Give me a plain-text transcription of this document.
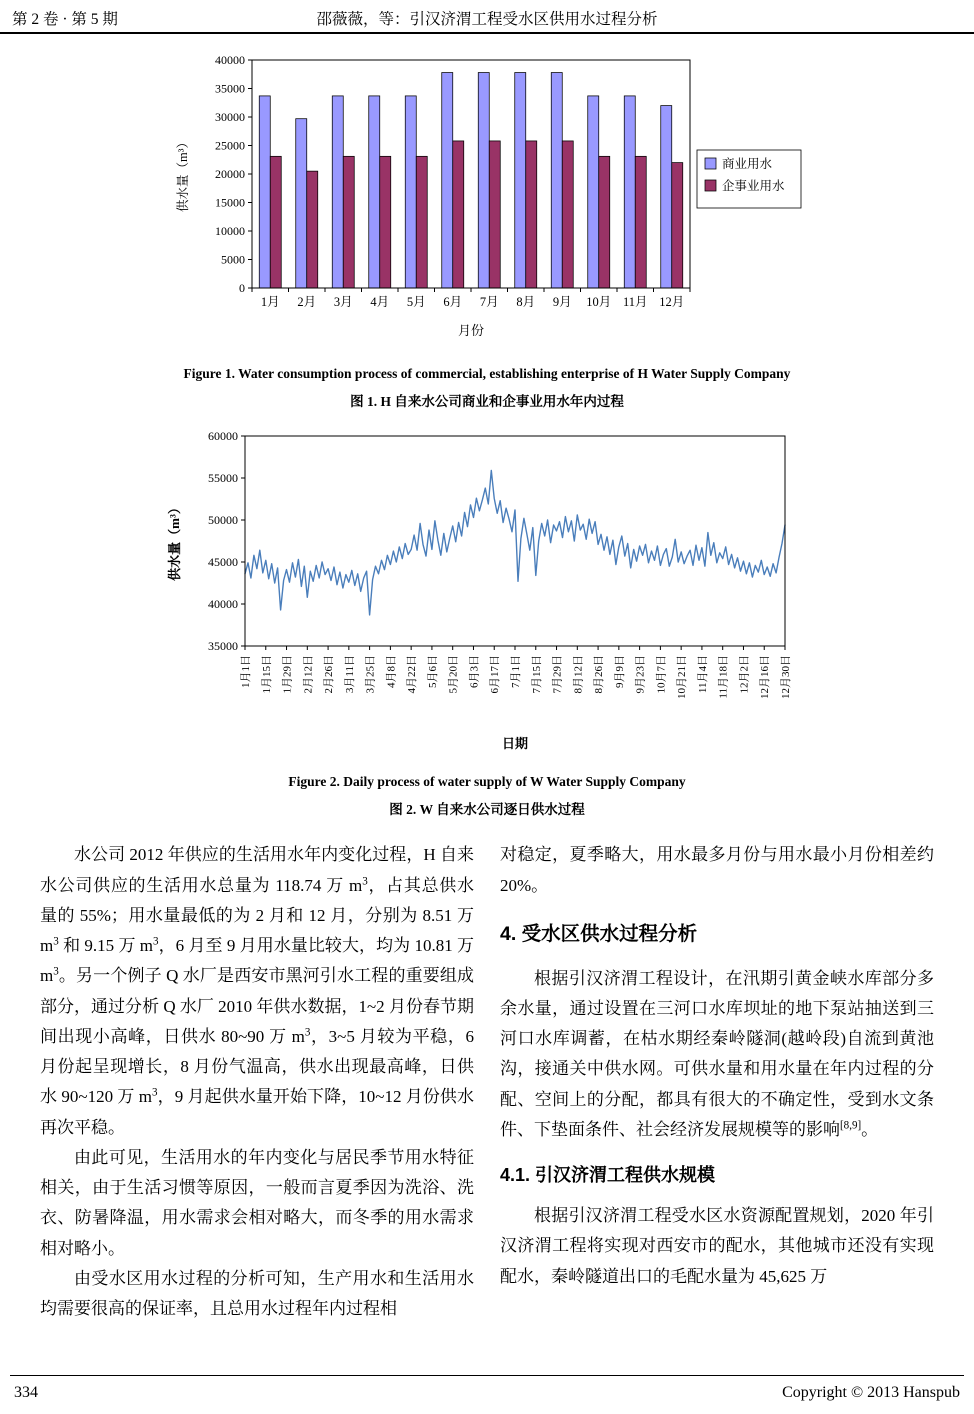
第 2 卷 · 第 5 期	邵薇薇，等：引汉济渭工程受水区供用水过程分析
0
5000
10000
15000
20000
25000
30000
35000
40000
1月 2月 3月 4月 5月 6月 7月 8月 9月 10月 11月 12月
月份
供水量（m³）	商业用水
企事业用水
Figure 1. Water consumption process of commercial, establishing enterprise of H Water Supply Company
图 1. H 自来水公司商业和企事业用水年内过程
35000
40000
45000
50000
55000
60000
1月1日 1月15日 1月29日 2月12日 2月26日 3月11日 3月25日 4月8日 4月22日 5月6日 5月20日 6月3日 6月17日 7月1日 7月15日 7月29日 8月12日 8月26日 9月9日 9月23日 10月7日 10月21日 11月4日 11月18日 12月2日 12月16日 12月30日
日期
供水量（m³）
Figure 2. Daily process of water supply of W Water Supply Company
图 2. W 自来水公司逐日供水过程

水公司 2012 年供应的生活用水年内变化过程，H 自来水公司供应的生活用水总量为 118.74 万 $m^3$，占其总供水量的 55%；用水量最低的为 2 月和 12 月，分别为 8.51 万 $m^3$ 和 9.15 万 $m^3$，6 月至 9 月用水量比较大，均为 10.81 万 $m^3$。另一个例子 Q 水厂是西安市黑河引水工程的重要组成部分，通过分析 Q 水厂 2010 年供水数据，1~2 月份春节期间出现小高峰，日供水 80~90 万 $m^3$，3~5 月较为平稳，6 月份起呈现增长，8 月份气温高，供水出现最高峰，日供水 90~120 万 $m^3$，9 月起供水量开始下降，10~12 月份供水再次平稳。

由此可见，生活用水的年内变化与居民季节用水特征相关，由于生活习惯等原因，一般而言夏季因为洗浴、洗衣、防暑降温，用水需求会相对略大，而冬季的用水需求相对略小。

由受水区用水过程的分析可知，生产用水和生活用水均需要很高的保证率，且总用水过程年内过程相

对稳定，夏季略大，用水最多月份与用水最小月份相差约 20%。

4. 受水区供水过程分析

根据引汉济渭工程设计，在汛期引黄金峡水库部分多余水量，通过设置在三河口水库坝址的地下泵站抽送到三河口水库调蓄，在枯水期经秦岭隧洞(越岭段)自流到黄池沟，接通关中供水网。可供水量和用水量在年内过程的分配、空间上的分配，都具有很大的不确定性，受到水文条件、下垫面条件、社会经济发展规模等的影响[8,9]。

4.1. 引汉济渭工程供水规模

根据引汉济渭工程受水区水资源配置规划，2020 年引汉济渭工程将实现对西安市的配水，其他城市还没有实现配水，秦岭隧道出口的毛配水量为 45,625 万

334	Copyright © 2013 Hanspub
